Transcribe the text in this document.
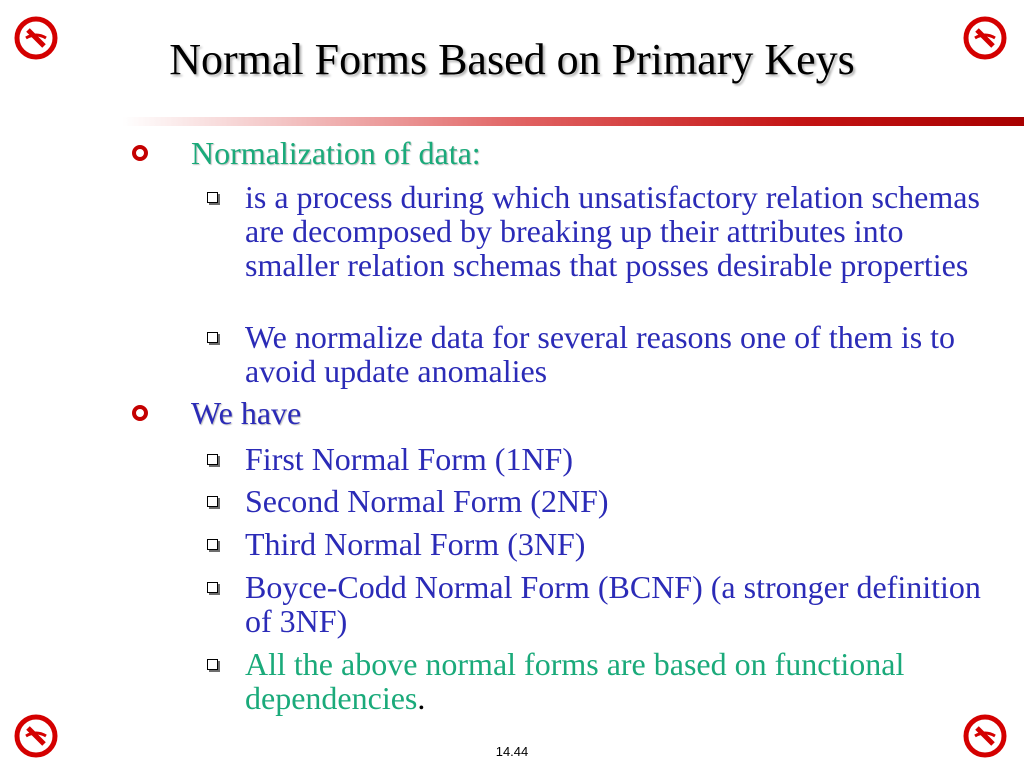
Normal Forms Based on Primary Keys
Normalization of data:
is a process during which unsatisfactory relation schemas are decomposed by breaking up their attributes into smaller relation schemas that posses desirable properties
We normalize data for several reasons one of them is to avoid update anomalies
We have
First Normal Form (1NF)
Second Normal Form (2NF)
Third Normal Form (3NF)
Boyce-Codd Normal Form (BCNF) (a stronger definition of 3NF)
All the above normal forms are based on functional dependencies.
14.44
